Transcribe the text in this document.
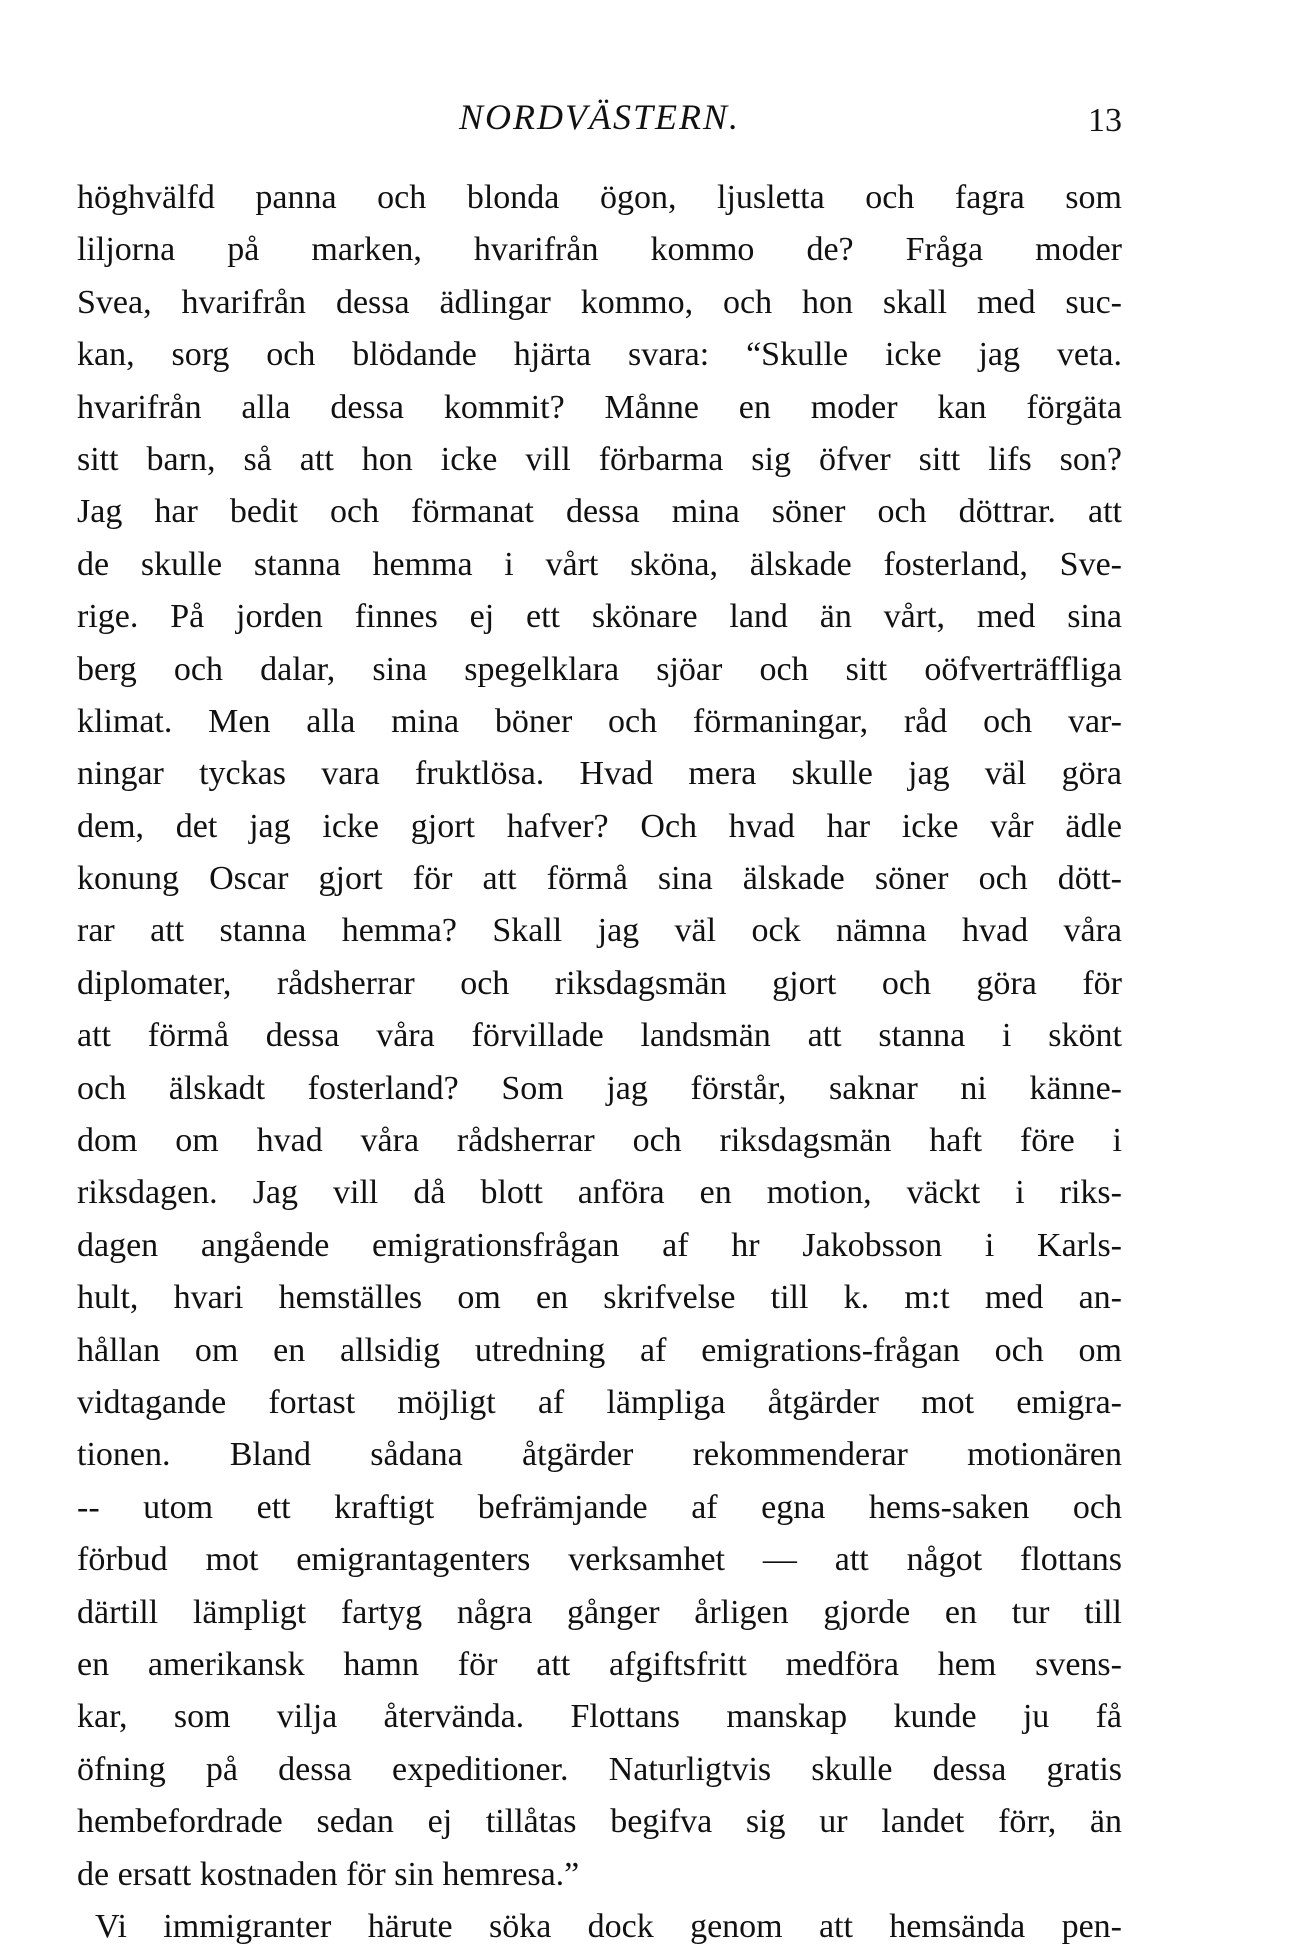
NORDVÄSTERN.	13
höghvälfd panna och blonda ögon, ljusletta och fagra som
liljorna på marken, hvarifrån kommo de? Fråga moder
Svea, hvarifrån dessa ädlingar kommo, och hon skall med suc-
kan, sorg och blödande hjärta svara: “Skulle icke jag veta.
hvarifrån alla dessa kommit? Månne en moder kan förgäta
sitt barn, så att hon icke vill förbarma sig öfver sitt lifs son?
Jag har bedit och förmanat dessa mina söner och döttrar. att
de skulle stanna hemma i vårt sköna, älskade fosterland, Sve-
rige. På jorden finnes ej ett skönare land än vårt, med sina
berg och dalar, sina spegelklara sjöar och sitt oöfverträffliga
klimat. Men alla mina böner och förmaningar, råd och var-
ningar tyckas vara fruktlösa. Hvad mera skulle jag väl göra
dem, det jag icke gjort hafver? Och hvad har icke vår ädle
konung Oscar gjort för att förmå sina älskade söner och dött-
rar att stanna hemma? Skall jag väl ock nämna hvad våra
diplomater, rådsherrar och riksdagsmän gjort och göra för
att förmå dessa våra förvillade landsmän att stanna i skönt
och älskadt fosterland? Som jag förstår, saknar ni känne-
dom om hvad våra rådsherrar och riksdagsmän haft före i
riksdagen. Jag vill då blott anföra en motion, väckt i riks-
dagen angående emigrationsfrågan af hr Jakobsson i Karls-
hult, hvari hemställes om en skrifvelse till k. m:t med an-
hållan om en allsidig utredning af emigrations-frågan och om
vidtagande fortast möjligt af lämpliga åtgärder mot emigra-
tionen. Bland sådana åtgärder rekommenderar motionären
-- utom ett kraftigt befrämjande af egna hems-saken och
förbud mot emigrantagenters verksamhet — att något flottans
därtill lämpligt fartyg några gånger årligen gjorde en tur till
en amerikansk hamn för att afgiftsfritt medföra hem svens-
kar, som vilja återvända. Flottans manskap kunde ju få
öfning på dessa expeditioner. Naturligtvis skulle dessa gratis
hembefordrade sedan ej tillåtas begifva sig ur landet förr, än
de ersatt kostnaden för sin hemresa.”
Vi immigranter härute söka dock genom att hemsända pen-
